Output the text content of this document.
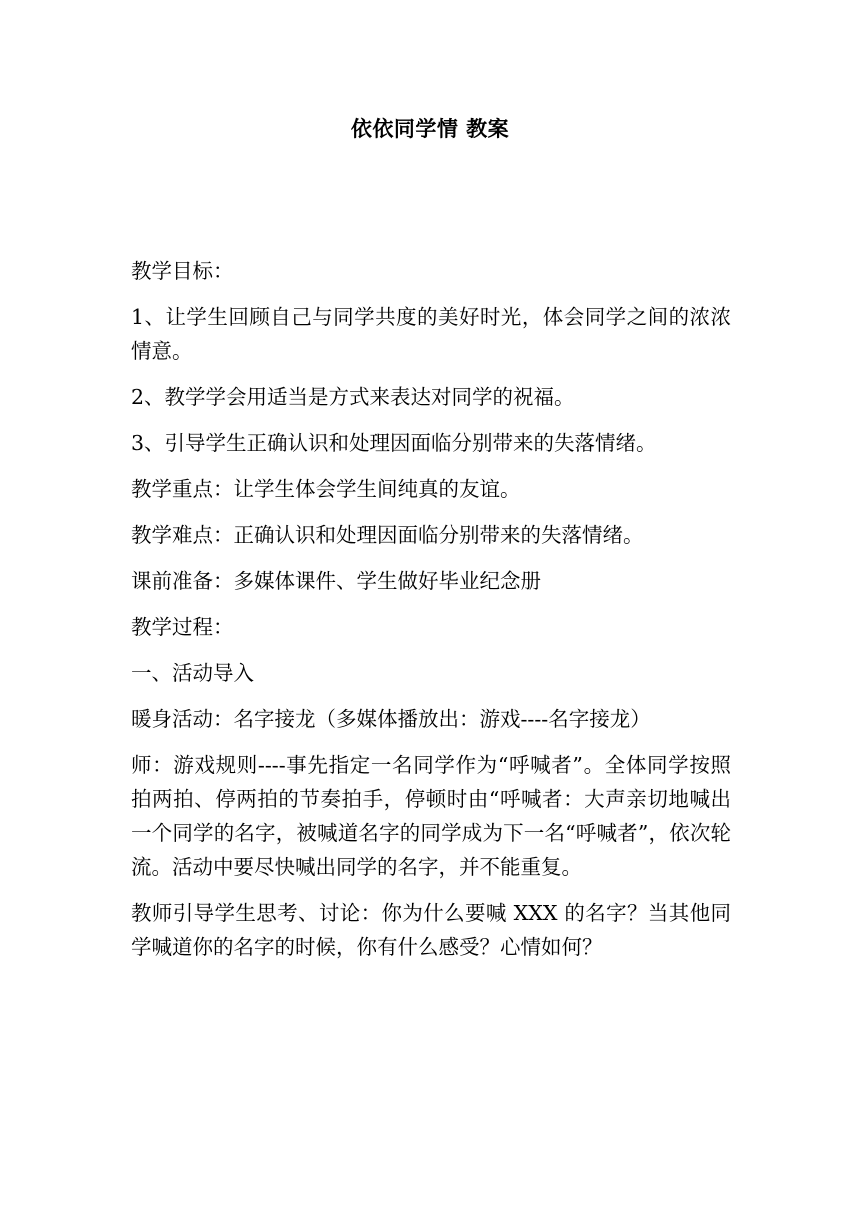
依依同学情 教案

教学目标：

1、让学生回顾自己与同学共度的美好时光，体会同学之间的浓浓情意。

2、教学学会用适当是方式来表达对同学的祝福。

3、引导学生正确认识和处理因面临分别带来的失落情绪。

教学重点：让学生体会学生间纯真的友谊。

教学难点：正确认识和处理因面临分别带来的失落情绪。

课前准备：多媒体课件、学生做好毕业纪念册

教学过程：

一、活动导入

暖身活动：名字接龙（多媒体播放出：游戏----名字接龙）

师：游戏规则----事先指定一名同学作为“呼喊者”。全体同学按照拍两拍、停两拍的节奏拍手，停顿时由“呼喊者：大声亲切地喊出一个同学的名字，被喊道名字的同学成为下一名“呼喊者”，依次轮流。活动中要尽快喊出同学的名字，并不能重复。

教师引导学生思考、讨论：你为什么要喊 XXX 的名字？当其他同学喊道你的名字的时候，你有什么感受？心情如何？
